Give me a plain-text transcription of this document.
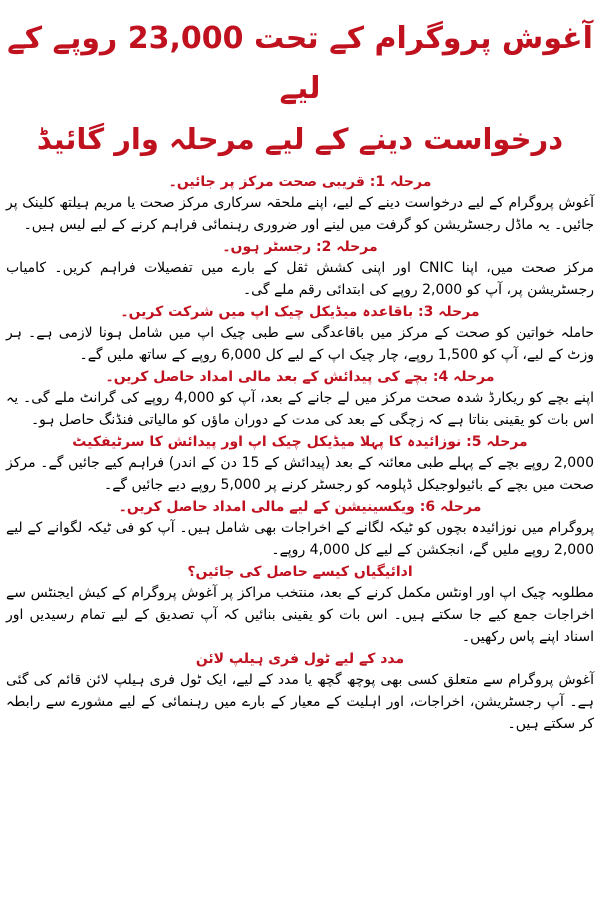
آغوش پروگرام کے تحت 23,000 روپے کے لیے
درخواست دینے کے لیے مرحلہ وار گائیڈ

مرحلہ 1: قریبی صحت مرکز پر جائیں۔

آغوش پروگرام کے لیے درخواست دینے کے لیے، اپنے ملحقہ سرکاری مرکز صحت یا مریم ہیلتھ کلینک پر جائیں۔ یہ ماڈل رجسٹریشن کو گرفت میں لینے اور ضروری رہنمائی فراہم کرنے کے لیے لیس ہیں۔

مرحلہ 2: رجسٹر ہوں۔

مرکز صحت میں، اپنا CNIC اور اپنی کشش ثقل کے بارے میں تفصیلات فراہم کریں۔ کامیاب رجسٹریشن پر، آپ کو 2,000 روپے کی ابتدائی رقم ملے گی۔

مرحلہ 3: باقاعدہ میڈیکل چیک اپ میں شرکت کریں۔

حاملہ خواتین کو صحت کے مرکز میں باقاعدگی سے طبی چیک اپ میں شامل ہونا لازمی ہے۔ ہر وزٹ کے لیے، آپ کو 1,500 روپے، چار چیک اپ کے لیے کل 6,000 روپے کے ساتھ ملیں گے۔

مرحلہ 4: بچے کی پیدائش کے بعد مالی امداد حاصل کریں۔

اپنے بچے کو ریکارڈ شدہ صحت مرکز میں لے جانے کے بعد، آپ کو 4,000 روپے کی گرانٹ ملے گی۔ یہ اس بات کو یقینی بناتا ہے کہ زچگی کے بعد کی مدت کے دوران ماؤں کو مالیاتی فنڈنگ حاصل ہو۔

مرحلہ 5: نوزائیدہ کا پہلا میڈیکل چیک اپ اور پیدائش کا سرٹیفکیٹ

2,000 روپے بچے کے پہلے طبی معائنہ کے بعد (پیدائش کے 15 دن کے اندر) فراہم کیے جائیں گے۔ مرکز صحت میں بچے کے بائیولوجیکل ڈپلومہ کو رجسٹر کرنے پر 5,000 روپے دیے جائیں گے۔

مرحلہ 6: ویکسینیشن کے لیے مالی امداد حاصل کریں۔

پروگرام میں نوزائیدہ بچوں کو ٹیکہ لگانے کے اخراجات بھی شامل ہیں۔ آپ کو فی ٹیکہ لگوانے کے لیے 2,000 روپے ملیں گے، انجکشن کے لیے کل 4,000 روپے۔

ادائیگیاں کیسے حاصل کی جائیں؟

مطلوبہ چیک اپ اور اونٹس مکمل کرنے کے بعد، منتخب مراکز پر آغوش پروگرام کے کیش ایجنٹس سے اخراجات جمع کیے جا سکتے ہیں۔ اس بات کو یقینی بنائیں کہ آپ تصدیق کے لیے تمام رسیدیں اور اسناد اپنے پاس رکھیں۔

مدد کے لیے ٹول فری ہیلپ لائن

آغوش پروگرام سے متعلق کسی بھی پوچھ گچھ یا مدد کے لیے، ایک ٹول فری ہیلپ لائن قائم کی گئی ہے۔ آپ رجسٹریشن، اخراجات، اور اہلیت کے معیار کے بارے میں رہنمائی کے لیے مشورے سے رابطہ کر سکتے ہیں۔
